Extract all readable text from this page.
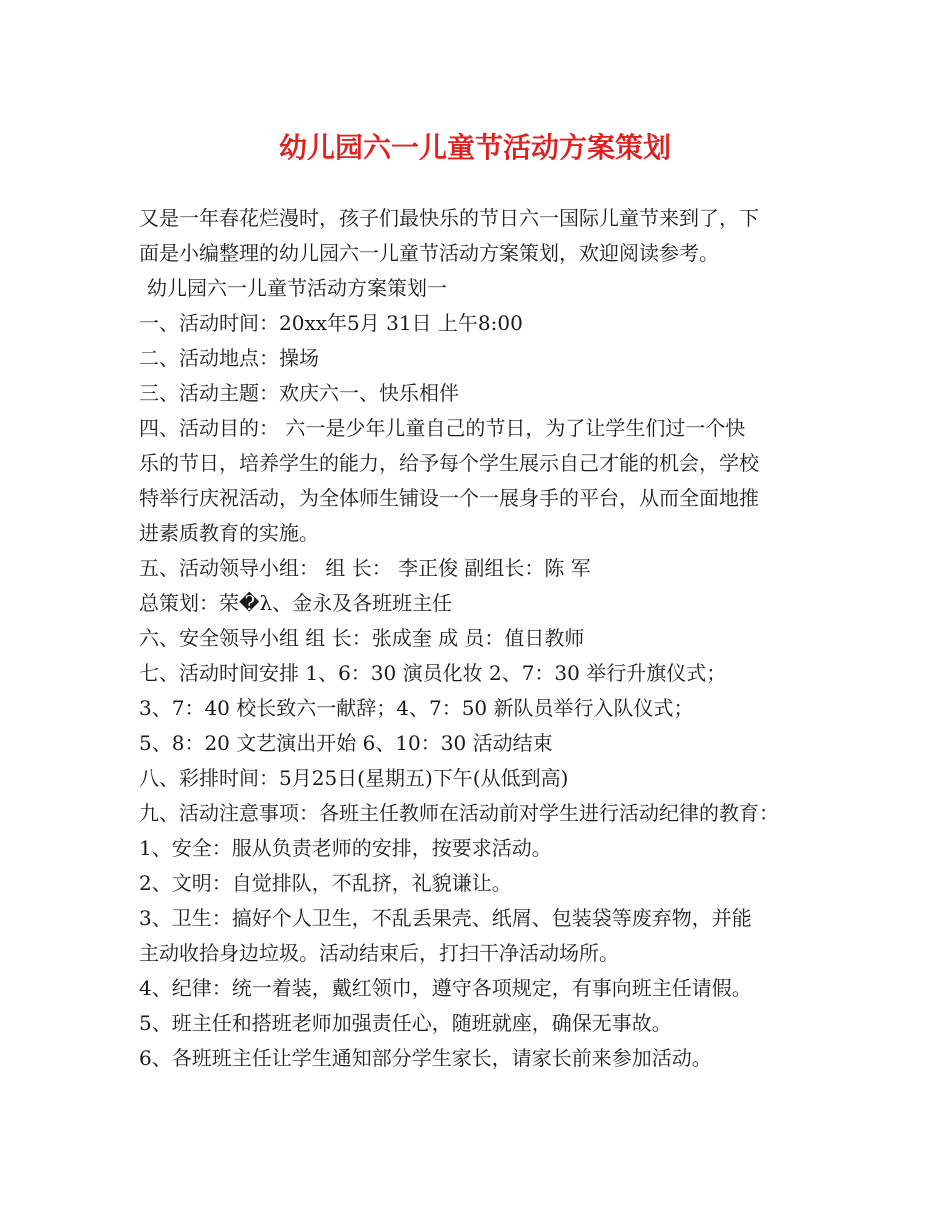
幼儿园六一儿童节活动方案策划

又是一年春花烂漫时，孩子们最快乐的节日六一国际儿童节来到了，下

面是小编整理的幼儿园六一儿童节活动方案策划，欢迎阅读参考。

幼儿园六一儿童节活动方案策划一

一、活动时间：20xx年5月 31日 上午8:00

二、活动地点：操场

三、活动主题：欢庆六一、快乐相伴

四、活动目的： 六一是少年儿童自己的节日，为了让学生们过一个快

乐的节日，培养学生的能力，给予每个学生展示自己才能的机会，学校

特举行庆祝活动，为全体师生铺设一个一展身手的平台，从而全面地推

进素质教育的实施。

五、活动领导小组： 组 长： 李正俊 副组长：陈 军

总策划：荣�λ、金永及各班班主任

六、安全领导小组 组 长：张成奎 成 员：值日教师

七、活动时间安排 1、6：30 演员化妆 2、7：30 举行升旗仪式；

3、7：40 校长致六一献辞；4、7：50 新队员举行入队仪式；

5、8：20 文艺演出开始 6、10：30 活动结束

八、彩排时间：5月25日(星期五)下午(从低到高)

九、活动注意事项：各班主任教师在活动前对学生进行活动纪律的教育：

1、安全：服从负责老师的安排，按要求活动。

2、文明：自觉排队，不乱挤，礼貌谦让。

3、卫生：搞好个人卫生，不乱丢果壳、纸屑、包装袋等废弃物，并能

主动收拾身边垃圾。活动结束后，打扫干净活动场所。

4、纪律：统一着装，戴红领巾，遵守各项规定，有事向班主任请假。

5、班主任和搭班老师加强责任心，随班就座，确保无事故。

6、各班班主任让学生通知部分学生家长，请家长前来参加活动。
